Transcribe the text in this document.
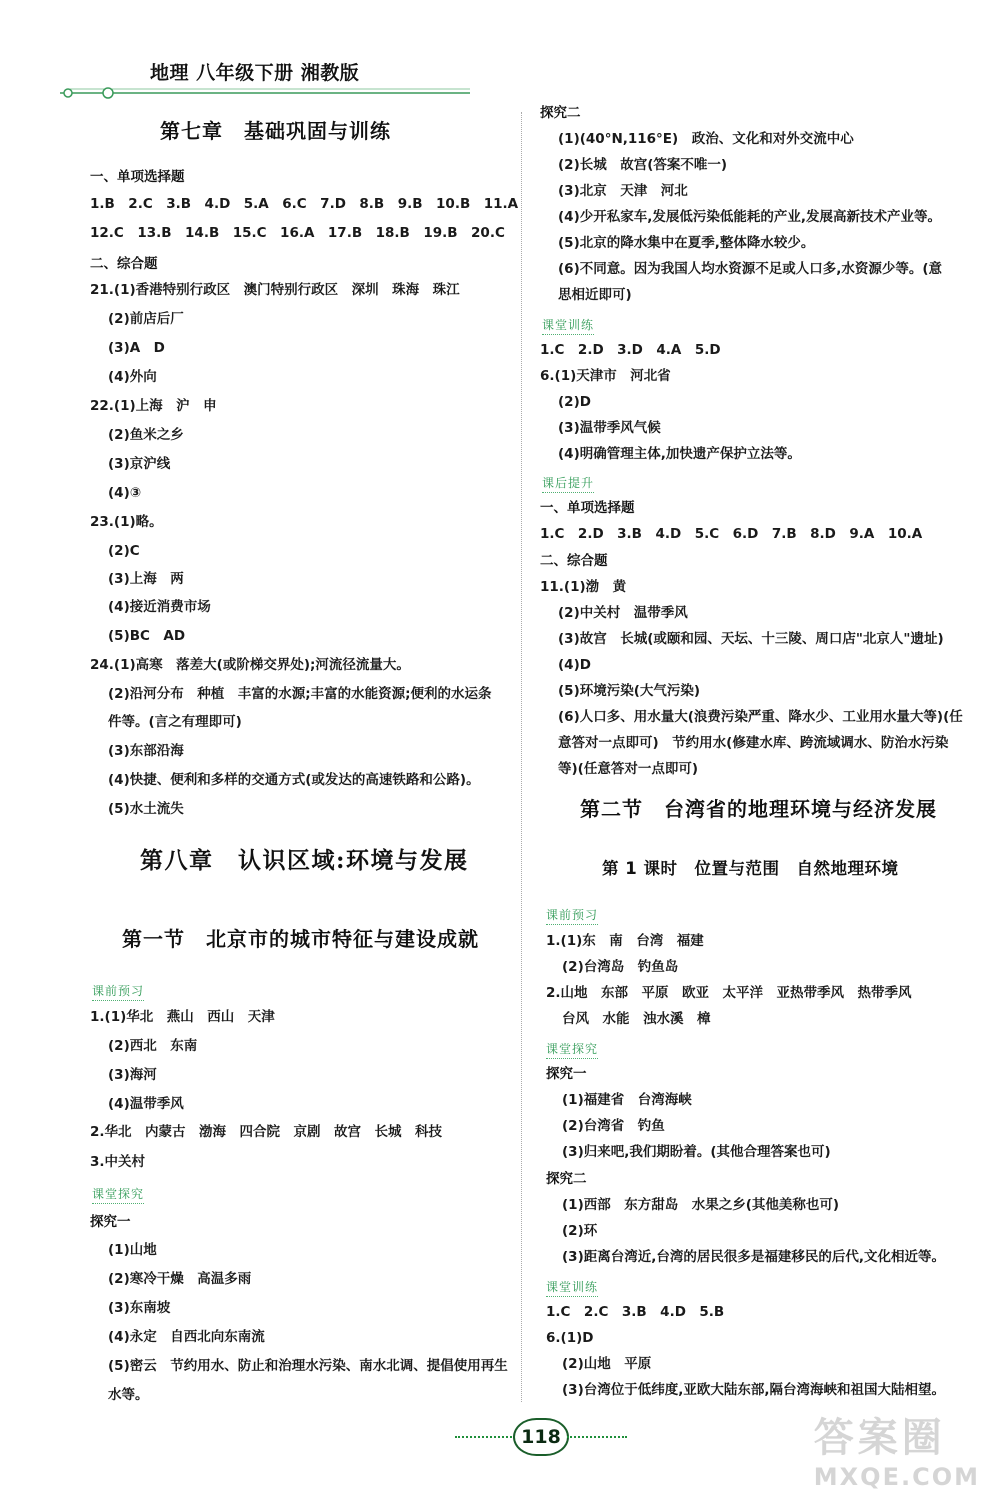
地理 八年级下册 湘教版
第七章　基础巩固与训练
一、单项选择题
1.B　2.C　3.B　4.D　5.A　6.C　7.D　8.B　9.B　10.B　11.A
12.C　13.B　14.B　15.C　16.A　17.B　18.B　19.B　20.C
二、综合题
21.(1)香港特别行政区　澳门特别行政区　深圳　珠海　珠江
(2)前店后厂
(3)A　D
(4)外向
22.(1)上海　沪　申
(2)鱼米之乡
(3)京沪线
(4)③
23.(1)略。
(2)C
(3)上海　两
(4)接近消费市场
(5)BC　AD
24.(1)高寒　落差大(或阶梯交界处);河流径流量大。
(2)沿河分布　种植　丰富的水源;丰富的水能资源;便利的水运条
件等。(言之有理即可)
(3)东部沿海
(4)快捷、便利和多样的交通方式(或发达的高速铁路和公路)。
(5)水土流失
第八章　认识区域:环境与发展
第一节　北京市的城市特征与建设成就
课前预习
1.(1)华北　燕山　西山　天津
(2)西北　东南
(3)海河
(4)温带季风
2.华北　内蒙古　渤海　四合院　京剧　故宫　长城　科技
3.中关村
课堂探究
探究一
(1)山地
(2)寒冷干燥　高温多雨
(3)东南坡
(4)永定　自西北向东南流
(5)密云　节约用水、防止和治理水污染、南水北调、提倡使用再生
水等。
探究二
(1)(40°N,116°E)　政治、文化和对外交流中心
(2)长城　故宫(答案不唯一)
(3)北京　天津　河北
(4)少开私家车,发展低污染低能耗的产业,发展高新技术产业等。
(5)北京的降水集中在夏季,整体降水较少。
(6)不同意。因为我国人均水资源不足或人口多,水资源少等。(意
思相近即可)
课堂训练
1.C　2.D　3.D　4.A　5.D
6.(1)天津市　河北省
(2)D
(3)温带季风气候
(4)明确管理主体,加快遗产保护立法等。
课后提升
一、单项选择题
1.C　2.D　3.B　4.D　5.C　6.D　7.B　8.D　9.A　10.A
二、综合题
11.(1)渤　黄
(2)中关村　温带季风
(3)故宫　长城(或颐和园、天坛、十三陵、周口店"北京人"遗址)
(4)D
(5)环境污染(大气污染)
(6)人口多、用水量大(浪费污染严重、降水少、工业用水量大等)(任
意答对一点即可)　节约用水(修建水库、跨流域调水、防治水污染
等)(任意答对一点即可)
第二节　台湾省的地理环境与经济发展
第 1 课时　位置与范围　自然地理环境
课前预习
1.(1)东　南　台湾　福建
(2)台湾岛　钓鱼岛
2.山地　东部　平原　欧亚　太平洋　亚热带季风　热带季风
台风　水能　浊水溪　樟
课堂探究
探究一
(1)福建省　台湾海峡
(2)台湾省　钓鱼
(3)归来吧,我们期盼着。(其他合理答案也可)
探究二
(1)西部　东方甜岛　水果之乡(其他美称也可)
(2)环
(3)距离台湾近,台湾的居民很多是福建移民的后代,文化相近等。
课堂训练
1.C　2.C　3.B　4.D　5.B
6.(1)D
(2)山地　平原
(3)台湾位于低纬度,亚欧大陆东部,隔台湾海峡和祖国大陆相望。
118	答案圈
MXQE.COM
